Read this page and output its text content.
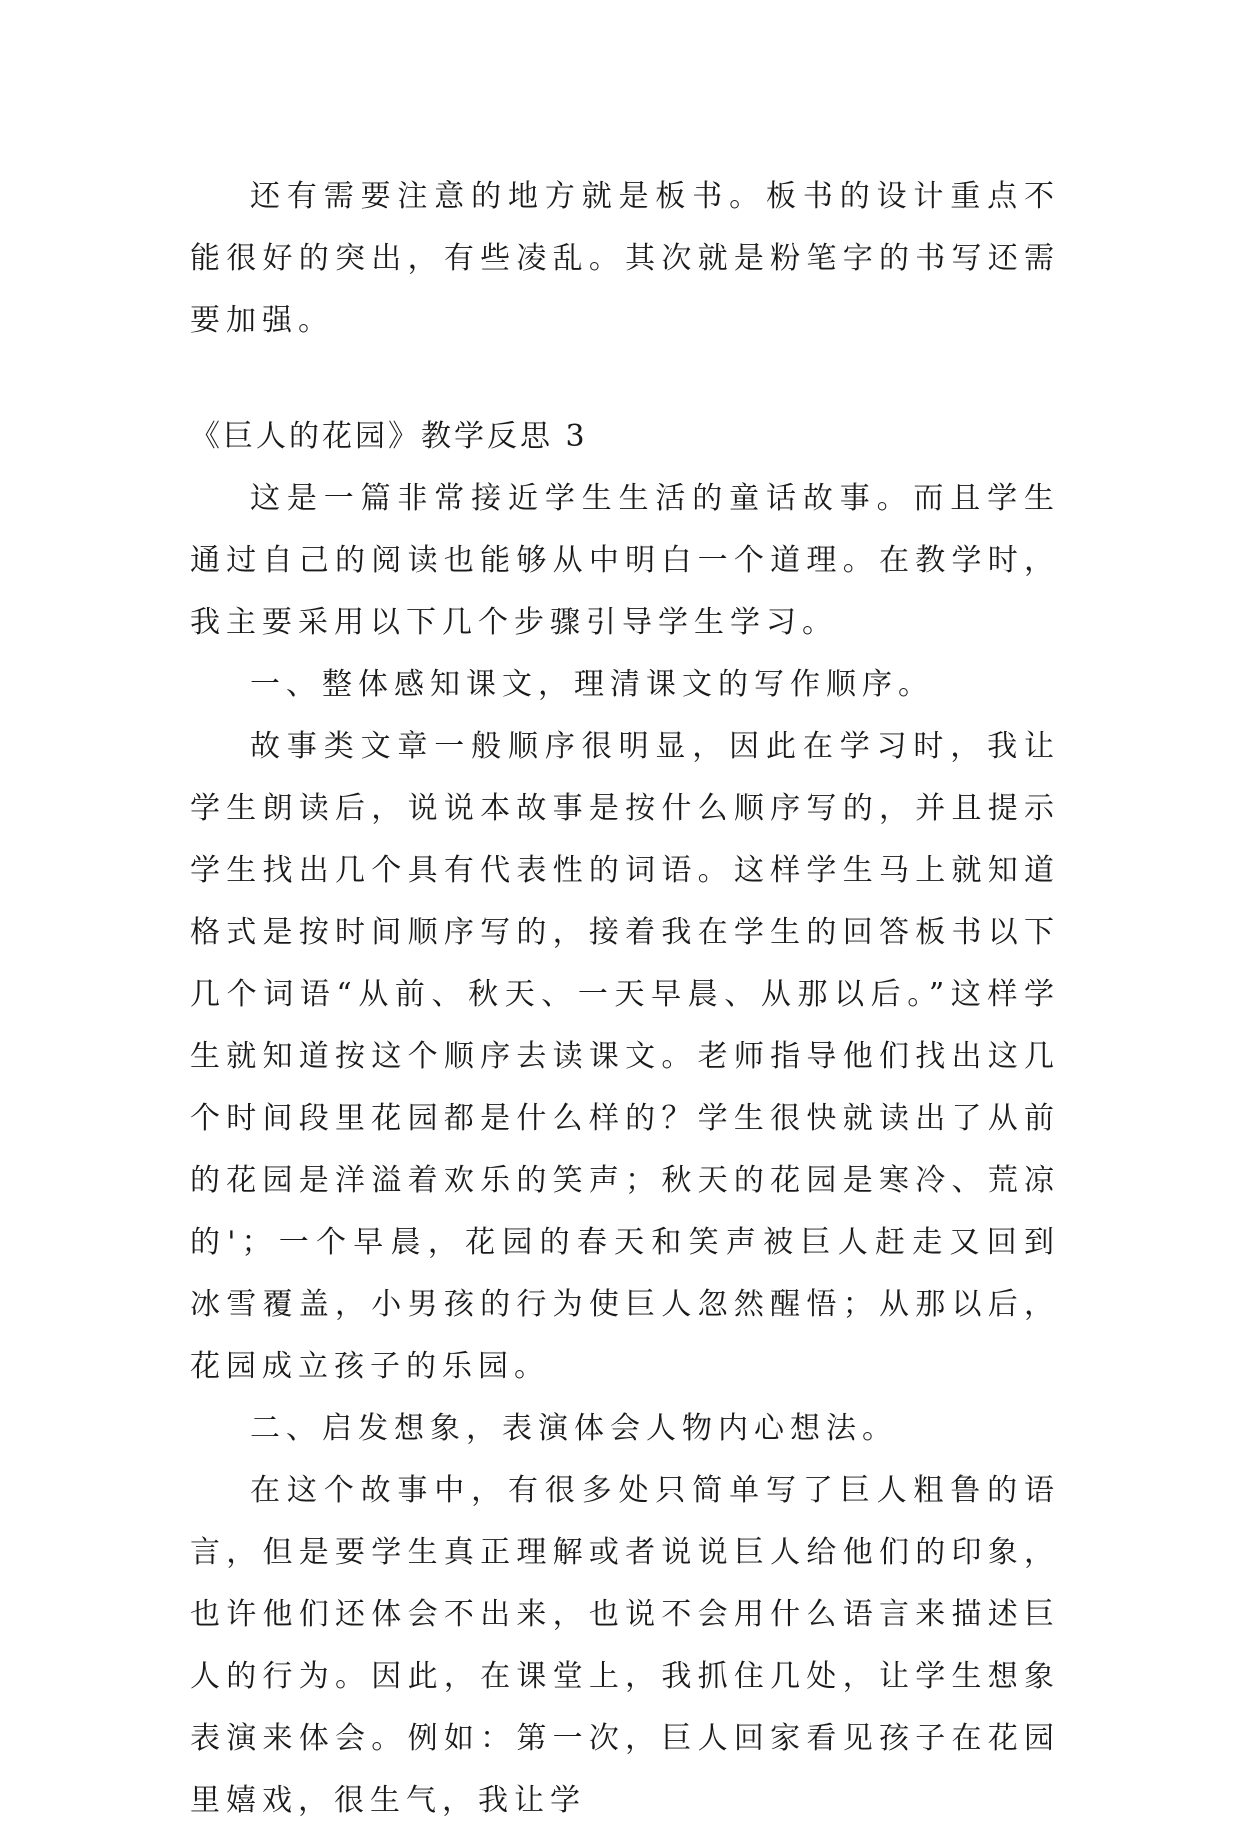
还有需要注意的地方就是板书。板书的设计重点不能很好的突出，有些凌乱。其次就是粉笔字的书写还需要加强。

《巨人的花园》教学反思 3

这是一篇非常接近学生生活的童话故事。而且学生通过自己的阅读也能够从中明白一个道理。在教学时，我主要采用以下几个步骤引导学生学习。

一、整体感知课文，理清课文的写作顺序。

故事类文章一般顺序很明显，因此在学习时，我让学生朗读后，说说本故事是按什么顺序写的，并且提示学生找出几个具有代表性的词语。这样学生马上就知道格式是按时间顺序写的，接着我在学生的回答板书以下几个词语“从前、秋天、一天早晨、从那以后。”这样学生就知道按这个顺序去读课文。老师指导他们找出这几个时间段里花园都是什么样的？学生很快就读出了从前的花园是洋溢着欢乐的笑声；秋天的花园是寒冷、荒凉的'；一个早晨，花园的春天和笑声被巨人赶走又回到冰雪覆盖，小男孩的行为使巨人忽然醒悟；从那以后，花园成立孩子的乐园。

二、启发想象，表演体会人物内心想法。

在这个故事中，有很多处只简单写了巨人粗鲁的语言，但是要学生真正理解或者说说巨人给他们的印象，也许他们还体会不出来，也说不会用什么语言来描述巨人的行为。因此，在课堂上，我抓住几处，让学生想象表演来体会。例如：第一次，巨人回家看见孩子在花园里嬉戏，很生气，我让学
